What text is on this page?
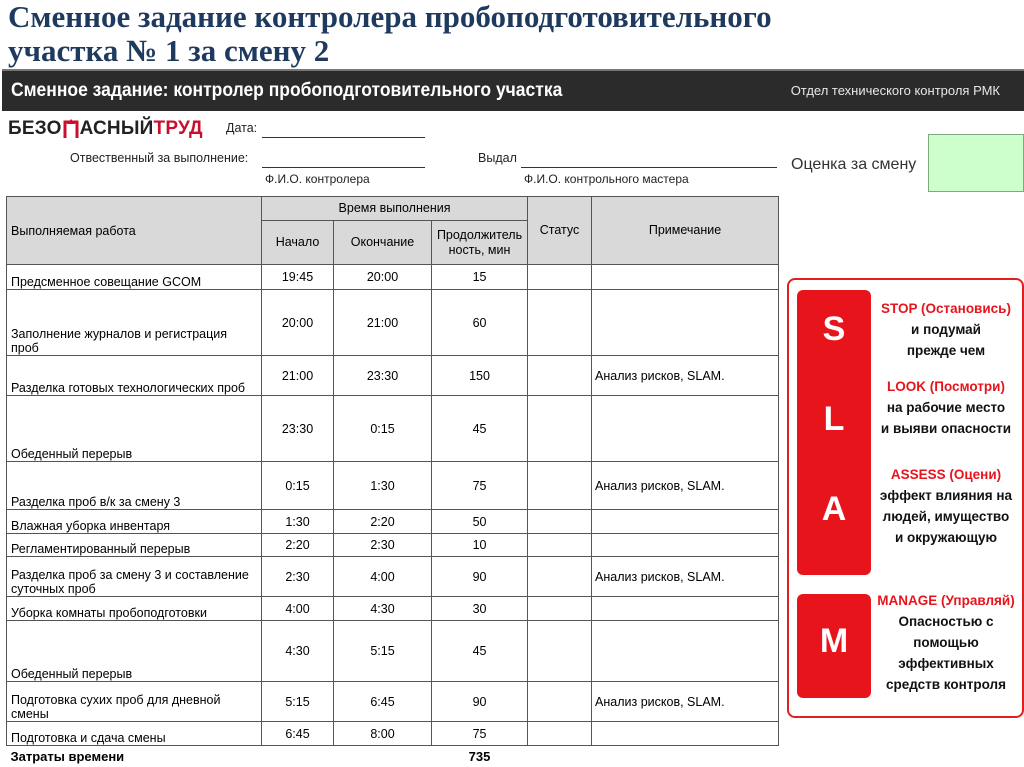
Сменное задание контролера пробоподготовительного
участка № 1 за смену 2
Сменное задание: контролер пробоподготовительного участка	Отдел технического контроля РМК
БЕЗО АСНЫЙ ТРУД Дата:
Отвественный за выполнение:
Ф.И.О. контролера
Выдал
Ф.И.О. контрольного мастера
Оценка за смену
Выполняемая работа	Время выполнения			Статус	Примечание
	Начало	Окончание	Продолжитель ность, мин		
Предсменное совещание GCOM	19:45	20:00	15		
Заполнение журналов и регистрация проб	20:00	21:00	60		
Разделка готовых технологических проб	21:00	23:30	150		Анализ рисков, SLAM.
Обеденный перерыв	23:30	0:15	45		
Разделка проб в/к за смену 3	0:15	1:30	75		Анализ рисков, SLAM.
Влажная уборка инвентаря	1:30	2:20	50		
Регламентированный перерыв	2:20	2:30	10		
Разделка проб за смену 3 и составление суточных проб	2:30	4:00	90		Анализ рисков, SLAM.
Уборка комнаты пробоподготовки	4:00	4:30	30		
Обеденный перерыв	4:30	5:15	45		
Подготовка сухих проб для дневной смены	5:15	6:45	90		Анализ рисков, SLAM.
Подготовка и сдача смены	6:45	8:00	75		
Затраты времени			735		
S
L
A
M
STOP (Остановись)
и подумай
прежде чем
LOOK (Посмотри)
на рабочие место
и выяви опасности
ASSESS (Оцени)
эффект влияния на
людей, имущество
и окружающую
MANAGE (Управляй)
Опасностью с
помощью
эффективных
средств контроля
